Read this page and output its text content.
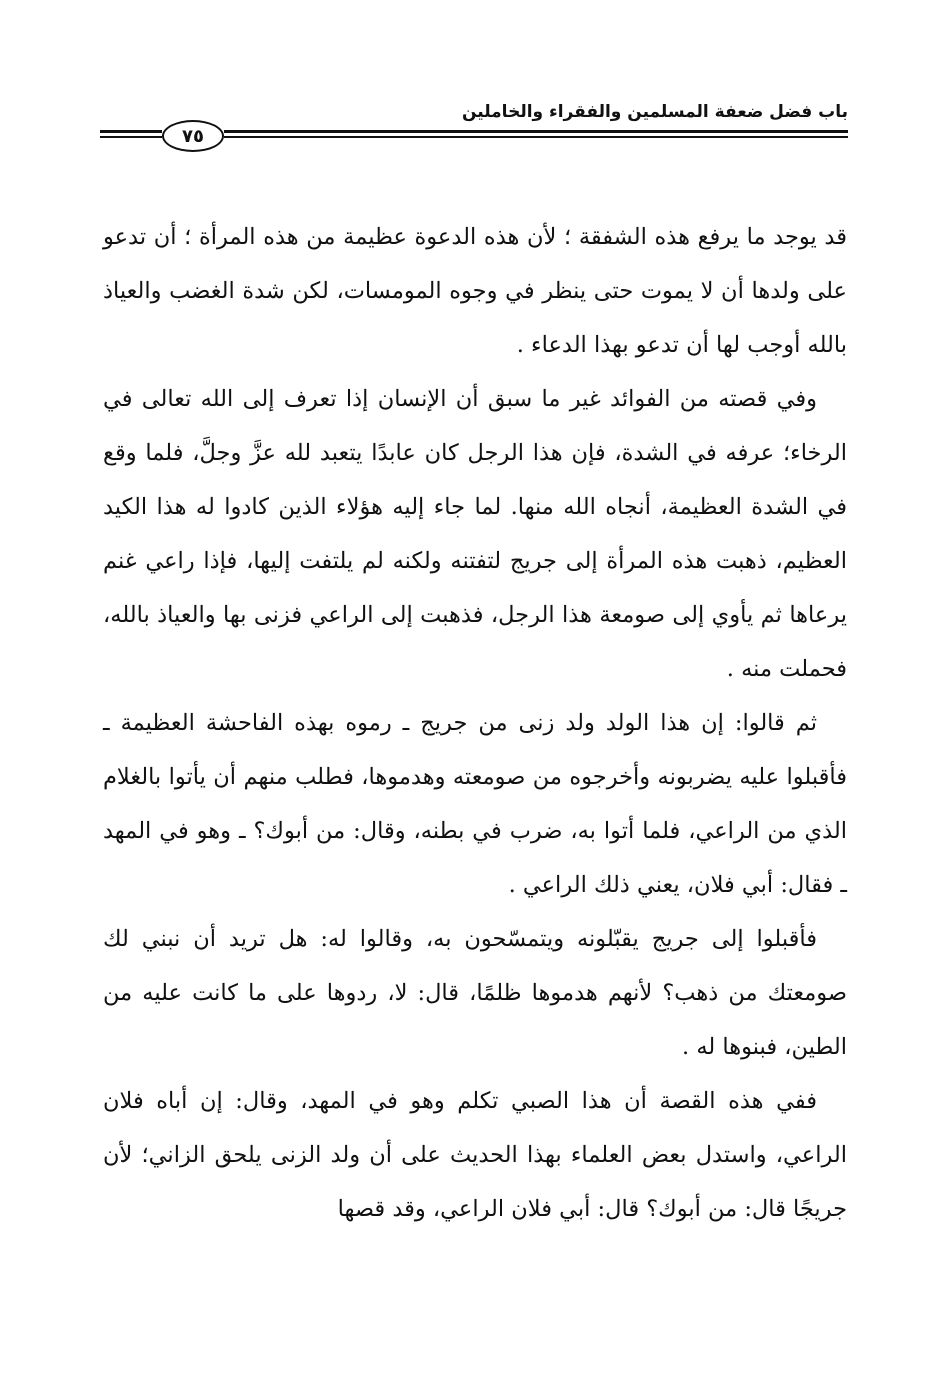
باب فضل ضعفة المسلمين والفقراء والخاملين
٧٥

قد يوجد ما يرفع هذه الشفقة ؛ لأن هذه الدعوة عظيمة من هذه المرأة ؛ أن تدعو على ولدها أن لا يموت حتى ينظر في وجوه المومسات، لكن شدة الغضب والعياذ بالله أوجب لها أن تدعو بهذا الدعاء .

وفي قصته من الفوائد غير ما سبق أن الإنسان إذا تعرف إلى الله تعالى في الرخاء؛ عرفه في الشدة، فإن هذا الرجل كان عابدًا يتعبد لله عزَّ وجلَّ، فلما وقع في الشدة العظيمة، أنجاه الله منها. لما جاء إليه هؤلاء الذين كادوا له هذا الكيد العظيم، ذهبت هذه المرأة إلى جريج لتفتنه ولكنه لم يلتفت إليها، فإذا راعي غنم يرعاها ثم يأوي إلى صومعة هذا الرجل، فذهبت إلى الراعي فزنى بها والعياذ بالله، فحملت منه .

ثم قالوا: إن هذا الولد ولد زنى من جريج ـ رموه بهذه الفاحشة العظيمة ـ فأقبلوا عليه يضربونه وأخرجوه من صومعته وهدموها، فطلب منهم أن يأتوا بالغلام الذي من الراعي، فلما أتوا به، ضرب في بطنه، وقال: من أبوك؟ ـ وهو في المهد ـ فقال: أبي فلان، يعني ذلك الراعي .

فأقبلوا إلى جريج يقبّلونه ويتمسّحون به، وقالوا له: هل تريد أن نبني لك صومعتك من ذهب؟ لأنهم هدموها ظلمًا، قال: لا، ردوها على ما كانت عليه من الطين، فبنوها له .

ففي هذه القصة أن هذا الصبي تكلم وهو في المهد، وقال: إن أباه فلان الراعي، واستدل بعض العلماء بهذا الحديث على أن ولد الزنى يلحق الزاني؛ لأن جريجًا قال: من أبوك؟ قال: أبي فلان الراعي، وقد قصها
